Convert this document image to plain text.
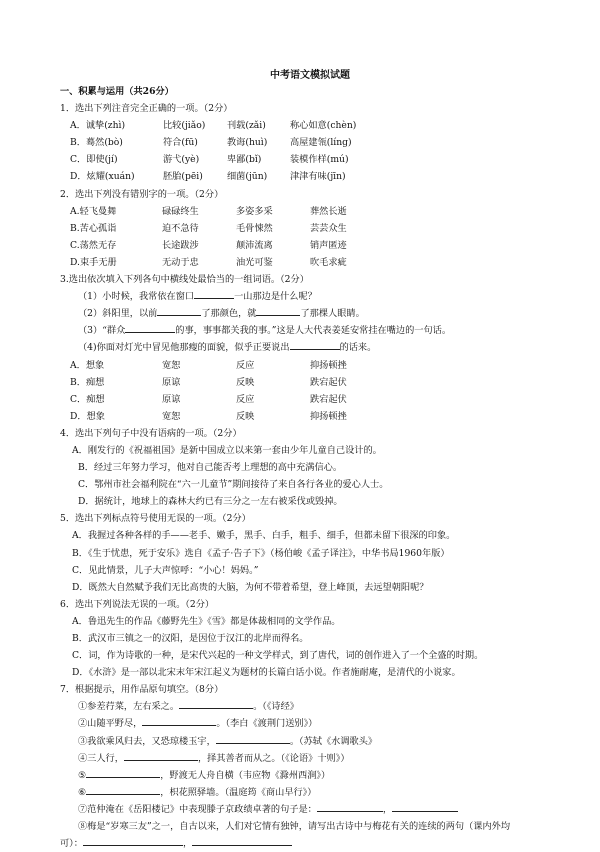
中考语文模拟试题
一、积累与运用（共26分）
1．选出下列注音完全正确的一项。（2分）
A．诚挚(zhì)	比较(jiǎo)	刊载(zǎi)	称心如意(chèn)
B．蓦然(bò)	符合(fū)	教诲(huì)	高屋建瓴(líng)
C．即使(jí)	游弋(yè)	卑鄙(bǐ)	装模作样(mú)
D．炫耀(xuán)	胚胎(pēi)	细菌(jūn)	津津有味(jīn)
2．选出下列没有错别字的一项。（2分）
A.轻飞曼舞	碌碌终生	多姿多采	葬然长逝
B.苦心孤诣	迫不急待	毛骨悚然	芸芸众生
C.荡然无存	长途跋涉	颠沛流离	销声匿迹
D.束手无册	无动于忠	油光可鉴	吹毛求疵
3.选出依次填入下列各句中横线处最恰当的一组词语。（2分）
（1）小时候，我常依在窗口	一山那边是什么呢？
（2）斜阳里，以前	了那颜色，就	了那棵人眼睛。
（3）“群众	的事，事事都关我的事。”这是人大代表姜延安常挂在嘴边的一句话。
（4)你面对灯光中冒见他那瘦的面貌，似乎正要说出	的话来。
A．想象	宽恕	反应	抑扬顿挫
B．痴想	原谅	反映	跌宕起伏
C．痴想	原谅	反应	跌宕起伏
D．想象	宽恕	反映	抑扬顿挫
4．选出下列句子中没有语病的一项。（2分）
A．刚发行的《祝福祖国》是新中国成立以来第一套由少年儿童自己设计的。
B．经过三年努力学习，他对自己能否考上理想的高中充满信心。
C．鄂州市社会福利院在“六一儿童节”期间接待了来自各行各业的爱心人士。
D．据统计，地球上的森林大约已有三分之一左右被采伐或毁掉。
5．选出下列标点符号使用无误的一项。（2分）
A．我握过各种各样的手——老手、嫩手，黑手、白手，粗手、细手，但都未留下很深的印象。
B．《生于忧患，死于安乐》选自《孟子·告子下》（杨伯峻《孟子译注》，中华书局1960年版）
C．见此情景，儿子大声惊呼：“小心！妈妈。”
D．既然大自然赋予我们无比高贵的大脑，为何不带着希望，登上峰顶，去远望朝阳呢？
6．选出下列说法无误的一项。（2分）
A．鲁迅先生的作品《藤野先生》《雪》都是体裁相同的文学作品。
B．武汉市三镇之一的汉阳，是因位于汉江的北岸而得名。
C．词，作为诗歌的一种，是宋代兴起的一种文学样式，到了唐代，词的创作进入了一个全盛的时期。
D．《水浒》是一部以北宋末年宋江起义为题材的长篇白话小说。作者施耐庵，是清代的小说家。
7．根据提示，用作品原句填空。（8分）
①参差荇菜，左右采之。	。（《诗经》
②山随平野尽，	。（李白《渡荆门送别》）
③我欲乘风归去，又恐琼楼玉宇，	。（苏轼《水调歌头》
④三人行，	，择其善者而从之。（《论语》十则》）
⑤	，野渡无人舟自横（韦应物《滁州西涧》）
⑥	，枳花照驿墙。（温庭筠《商山早行》）
⑦范仲淹在《岳阳楼记》中表现滕子京政绩卓著的句子是：	，
⑧梅是“岁寒三友”之一，自古以来，人们对它情有独钟，请写出古诗中与梅花有关的连续的两句（课内外均
可）：	，
